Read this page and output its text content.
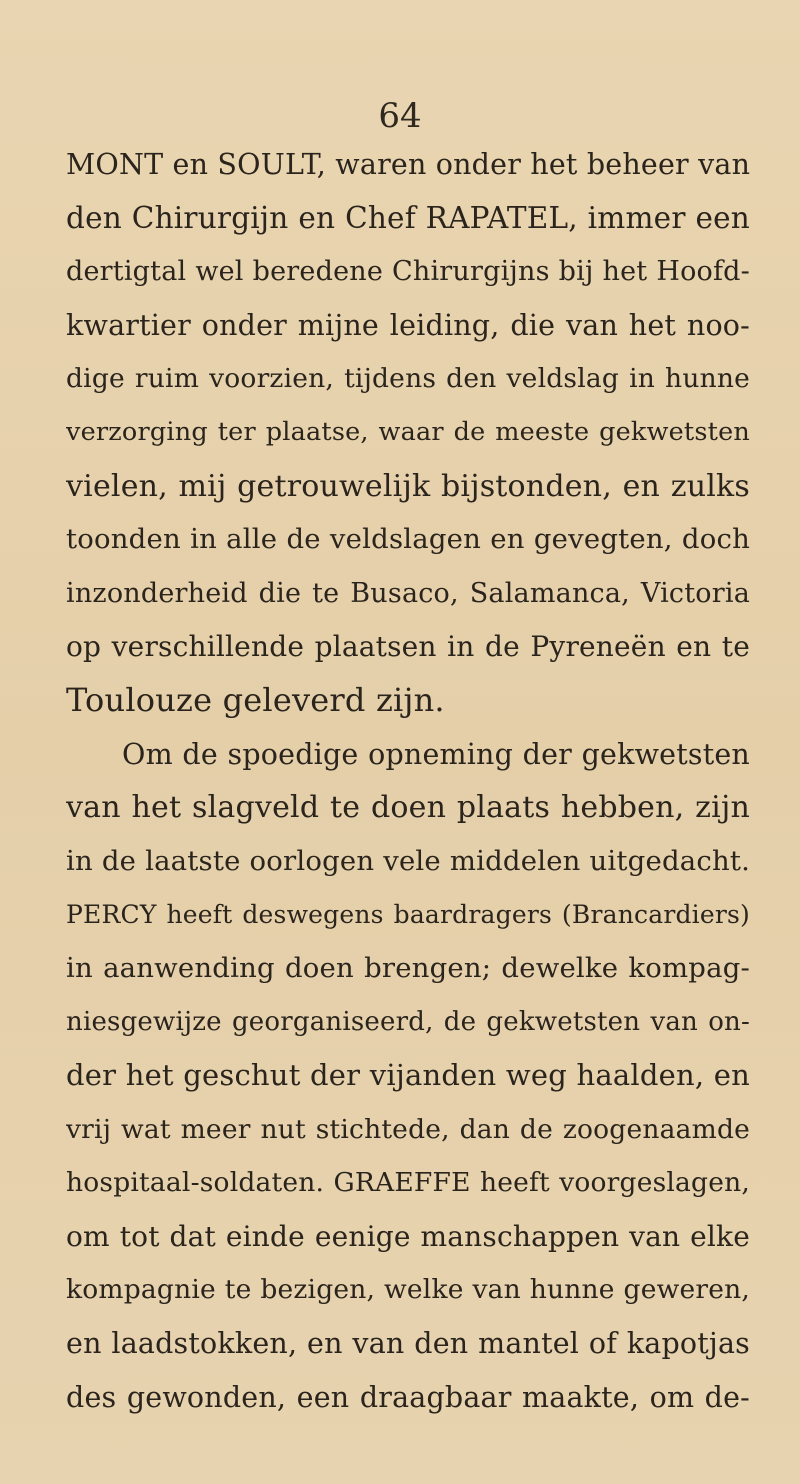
64
MONT en SOULT, waren onder het beheer van
den Chirurgijn en Chef RAPATEL, immer een
dertigtal wel beredene Chirurgijns bij het Hoofd-
kwartier onder mijne leiding, die van het noo-
dige ruim voorzien, tijdens den veldslag in hunne
verzorging ter plaatse, waar de meeste gekwetsten
vielen, mij getrouwelijk bijstonden, en zulks
toonden in alle de veldslagen en gevegten, doch
inzonderheid die te Busaco, Salamanca, Victoria
op verschillende plaatsen in de Pyreneën en te
Toulouze geleverd zijn.
Om de spoedige opneming der gekwetsten
van het slagveld te doen plaats hebben, zijn
in de laatste oorlogen vele middelen uitgedacht.
PERCY heeft deswegens baardragers (Brancardiers)
in aanwending doen brengen; dewelke kompag-
niesgewijze georganiseerd, de gekwetsten van on-
der het geschut der vijanden weg haalden, en
vrij wat meer nut stichtede, dan de zoogenaamde
hospitaal-soldaten. GRAEFFE heeft voorgeslagen,
om tot dat einde eenige manschappen van elke
kompagnie te bezigen, welke van hunne geweren,
en laadstokken, en van den mantel of kapotjas
des gewonden, een draagbaar maakte, om de-
